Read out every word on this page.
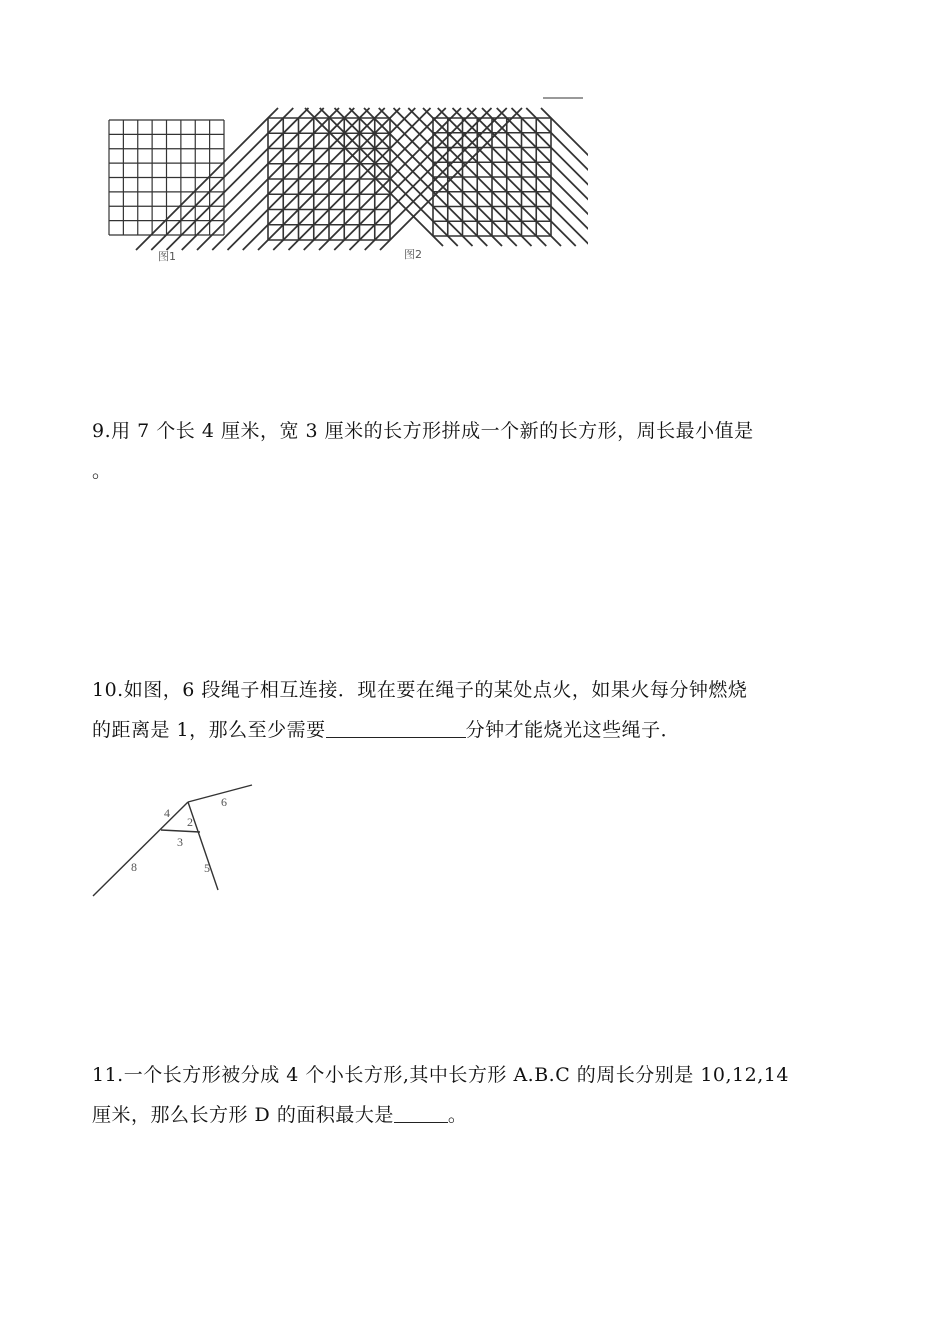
图1	图2
9.用 7 个长 4 厘米，宽 3 厘米的长方形拼成一个新的长方形，周长最小值是
。
10.如图，6 段绳子相互连接．现在要在绳子的某处点火，如果火每分钟燃烧
的距离是 1，那么至少需要	分钟才能烧光这些绳子．
4
6
2
3
8	5
11.一个长方形被分成 4 个小长方形,其中长方形 A.B.C 的周长分别是 10,12,14
厘米，那么长方形 D 的面积最大是	。
